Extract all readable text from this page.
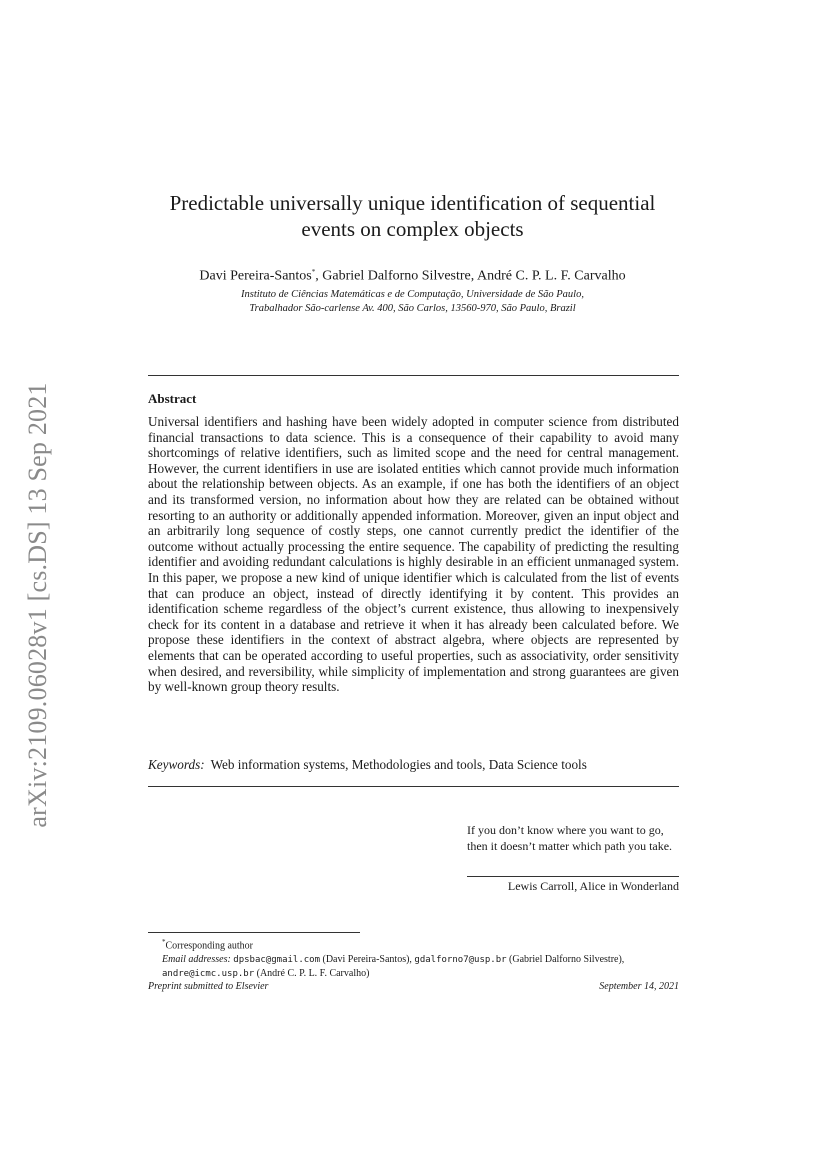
arXiv:2109.06028v1 [cs.DS] 13 Sep 2021
Predictable universally unique identification of sequential
events on complex objects
Davi Pereira-Santos*, Gabriel Dalforno Silvestre, André C. P. L. F. Carvalho
Instituto de Ciências Matemáticas e de Computação, Universidade de São Paulo,
Trabalhador São-carlense Av. 400, São Carlos, 13560-970, São Paulo, Brazil
Abstract
Universal identifiers and hashing have been widely adopted in computer science from distributed financial transactions to data science. This is a consequence of their capability to avoid many shortcomings of relative identifiers, such as limited scope and the need for central management. However, the current identifiers in use are isolated entities which cannot provide much information about the relationship between objects. As an example, if one has both the identifiers of an object and its transformed version, no information about how they are related can be obtained without resorting to an authority or additionally appended information. Moreover, given an input object and an arbitrarily long sequence of costly steps, one cannot currently predict the identifier of the outcome without actually processing the entire sequence. The capability of predicting the resulting identifier and avoiding redundant calculations is highly desirable in an efficient unmanaged system. In this paper, we propose a new kind of unique identifier which is calculated from the list of events that can produce an object, instead of directly identifying it by content. This provides an identification scheme regardless of the object’s current existence, thus allowing to inexpensively check for its content in a database and retrieve it when it has already been calculated before. We propose these identifiers in the context of abstract algebra, where objects are represented by elements that can be operated according to useful properties, such as associativity, order sensitivity when desired, and reversibility, while simplicity of implementation and strong guarantees are given by well-known group theory results.
Keywords: Web information systems, Methodologies and tools, Data Science tools
If you don’t know where you want to go, then it doesn’t matter which path you take.
Lewis Carroll, Alice in Wonderland
*Corresponding author
Email addresses: dpsbac@gmail.com (Davi Pereira-Santos), gdalforno7@usp.br (Gabriel Dalforno Silvestre), andre@icmc.usp.br (André C. P. L. F. Carvalho)
Preprint submitted to Elsevier	September 14, 2021
